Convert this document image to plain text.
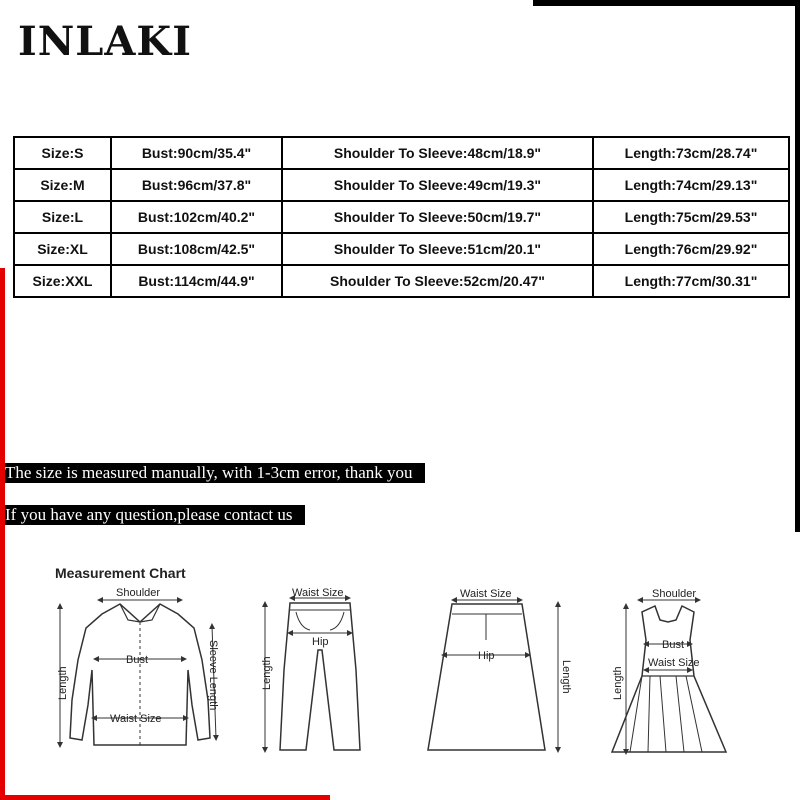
INLAKI
Size:S	Bust:90cm/35.4"	Shoulder To Sleeve:48cm/18.9"	Length:73cm/28.74"
Size:M	Bust:96cm/37.8"	Shoulder To Sleeve:49cm/19.3"	Length:74cm/29.13"
Size:L	Bust:102cm/40.2"	Shoulder To Sleeve:50cm/19.7"	Length:75cm/29.53"
Size:XL	Bust:108cm/42.5"	Shoulder To Sleeve:51cm/20.1"	Length:76cm/29.92"
Size:XXL	Bust:114cm/44.9"	Shoulder To Sleeve:52cm/20.47"	Length:77cm/30.31"
The size is measured manually, with 1-3cm error, thank you
If you have any question,please contact us
Measurement Chart
Shoulder
Bust
Waist Size
Length	Sleeve Length
Waist Size
Hip
Length
Waist Size
Hip
Length
Shoulder
Bust
Waist Size
Length
